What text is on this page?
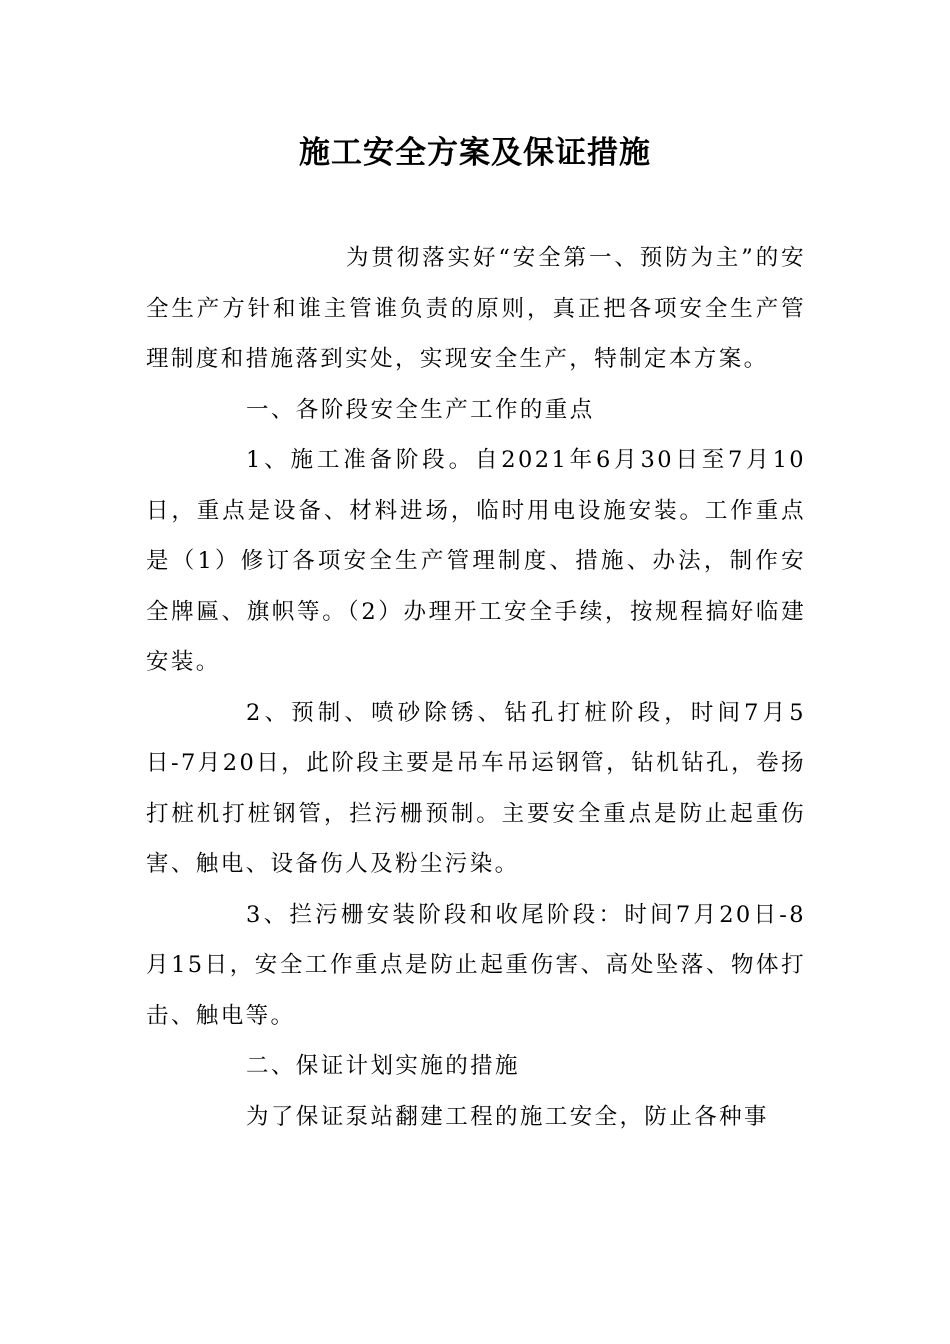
施工安全方案及保证措施

为贯彻落实好“安全第一、预防为主”的安全生产方针和谁主管谁负责的原则，真正把各项安全生产管理制度和措施落到实处，实现安全生产，特制定本方案。

一、各阶段安全生产工作的重点

1、施工准备阶段。自2021年6月30日至7月10日，重点是设备、材料进场，临时用电设施安装。工作重点是（1）修订各项安全生产管理制度、措施、办法，制作安全牌匾、旗帜等。（2）办理开工安全手续，按规程搞好临建安装。

2、预制、喷砂除锈、钻孔打桩阶段，时间7月5日-7月20日，此阶段主要是吊车吊运钢管，钻机钻孔，卷扬打桩机打桩钢管，拦污栅预制。主要安全重点是防止起重伤害、触电、设备伤人及粉尘污染。

3、拦污栅安装阶段和收尾阶段：时间7月20日-8月15日，安全工作重点是防止起重伤害、高处坠落、物体打击、触电等。

二、保证计划实施的措施

为了保证泵站翻建工程的施工安全，防止各种事
